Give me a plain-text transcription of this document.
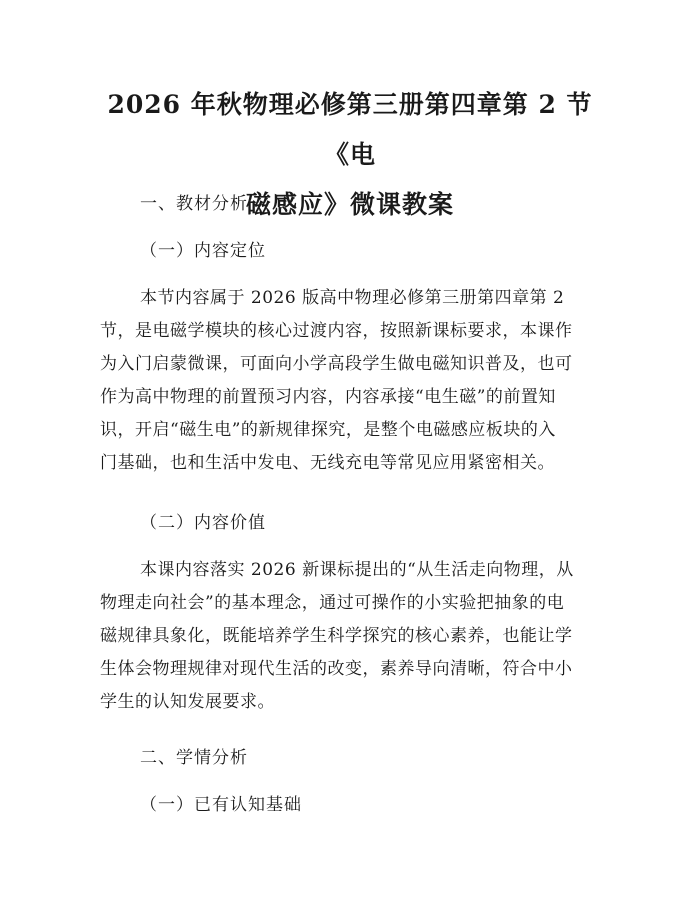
2026 年秋物理必修第三册第四章第 2 节《电
磁感应》微课教案
一、教材分析
（一）内容定位
本节内容属于 2026 版高中物理必修第三册第四章第 2
节，是电磁学模块的核心过渡内容，按照新课标要求，本课作
为入门启蒙微课，可面向小学高段学生做电磁知识普及，也可
作为高中物理的前置预习内容，内容承接“电生磁”的前置知
识，开启“磁生电”的新规律探究，是整个电磁感应板块的入
门基础，也和生活中发电、无线充电等常见应用紧密相关。
（二）内容价值
本课内容落实 2026 新课标提出的“从生活走向物理，从
物理走向社会”的基本理念，通过可操作的小实验把抽象的电
磁规律具象化，既能培养学生科学探究的核心素养，也能让学
生体会物理规律对现代生活的改变，素养导向清晰，符合中小
学生的认知发展要求。
二、学情分析
（一）已有认知基础
